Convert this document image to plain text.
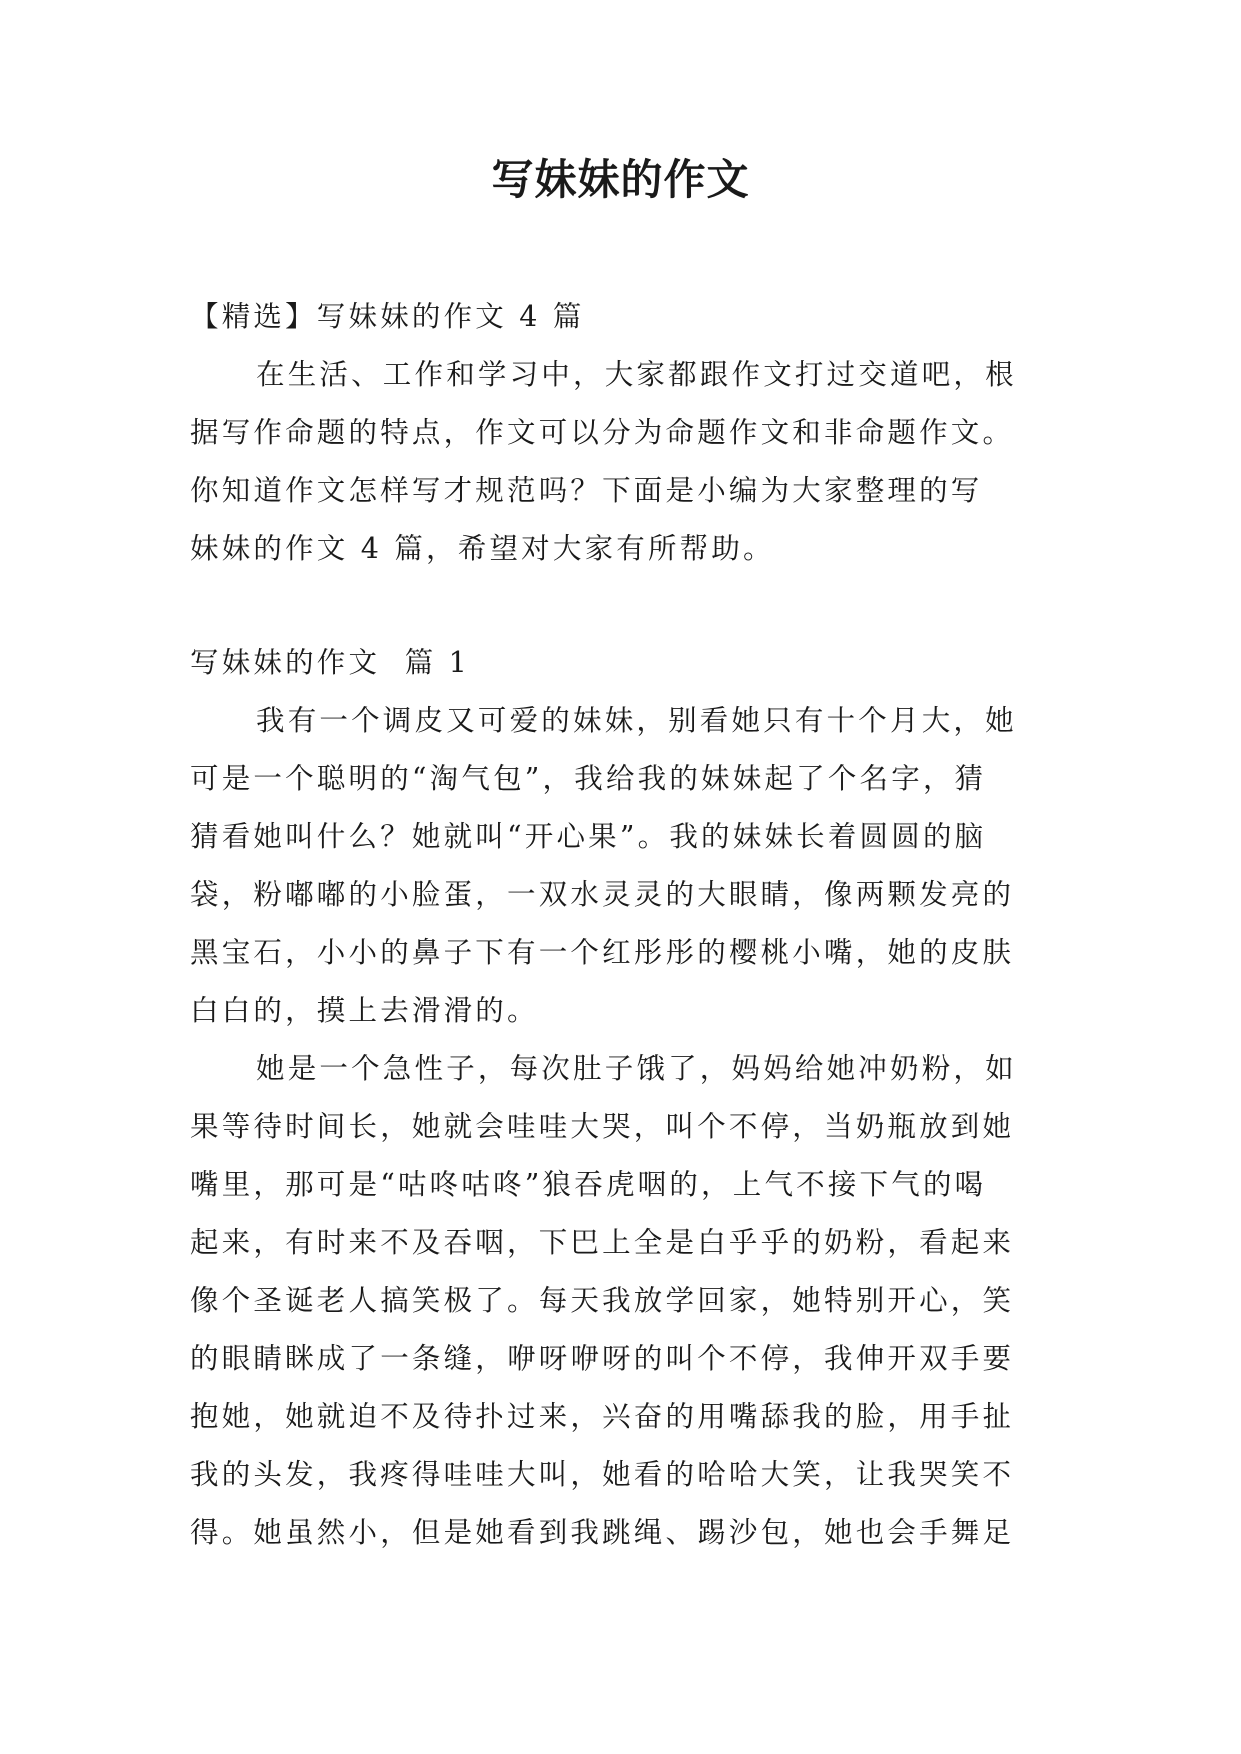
写妹妹的作文

【精选】写妹妹的作文 4 篇

在生活、工作和学习中，大家都跟作文打过交道吧，根
据写作命题的特点，作文可以分为命题作文和非命题作文。
你知道作文怎样写才规范吗？下面是小编为大家整理的写
妹妹的作文 4 篇，希望对大家有所帮助。

写妹妹的作文  篇 1

我有一个调皮又可爱的妹妹，别看她只有十个月大，她
可是一个聪明的“淘气包”，我给我的妹妹起了个名字，猜
猜看她叫什么？她就叫“开心果”。我的妹妹长着圆圆的脑
袋，粉嘟嘟的小脸蛋，一双水灵灵的大眼睛，像两颗发亮的
黑宝石，小小的鼻子下有一个红彤彤的樱桃小嘴，她的皮肤
白白的，摸上去滑滑的。

她是一个急性子，每次肚子饿了，妈妈给她冲奶粉，如
果等待时间长，她就会哇哇大哭，叫个不停，当奶瓶放到她
嘴里，那可是“咕咚咕咚”狼吞虎咽的，上气不接下气的喝
起来，有时来不及吞咽，下巴上全是白乎乎的奶粉，看起来
像个圣诞老人搞笑极了。每天我放学回家，她特别开心，笑
的眼睛眯成了一条缝，咿呀咿呀的叫个不停，我伸开双手要
抱她，她就迫不及待扑过来，兴奋的用嘴舔我的脸，用手扯
我的头发，我疼得哇哇大叫，她看的哈哈大笑，让我哭笑不
得。她虽然小，但是她看到我跳绳、踢沙包，她也会手舞足
